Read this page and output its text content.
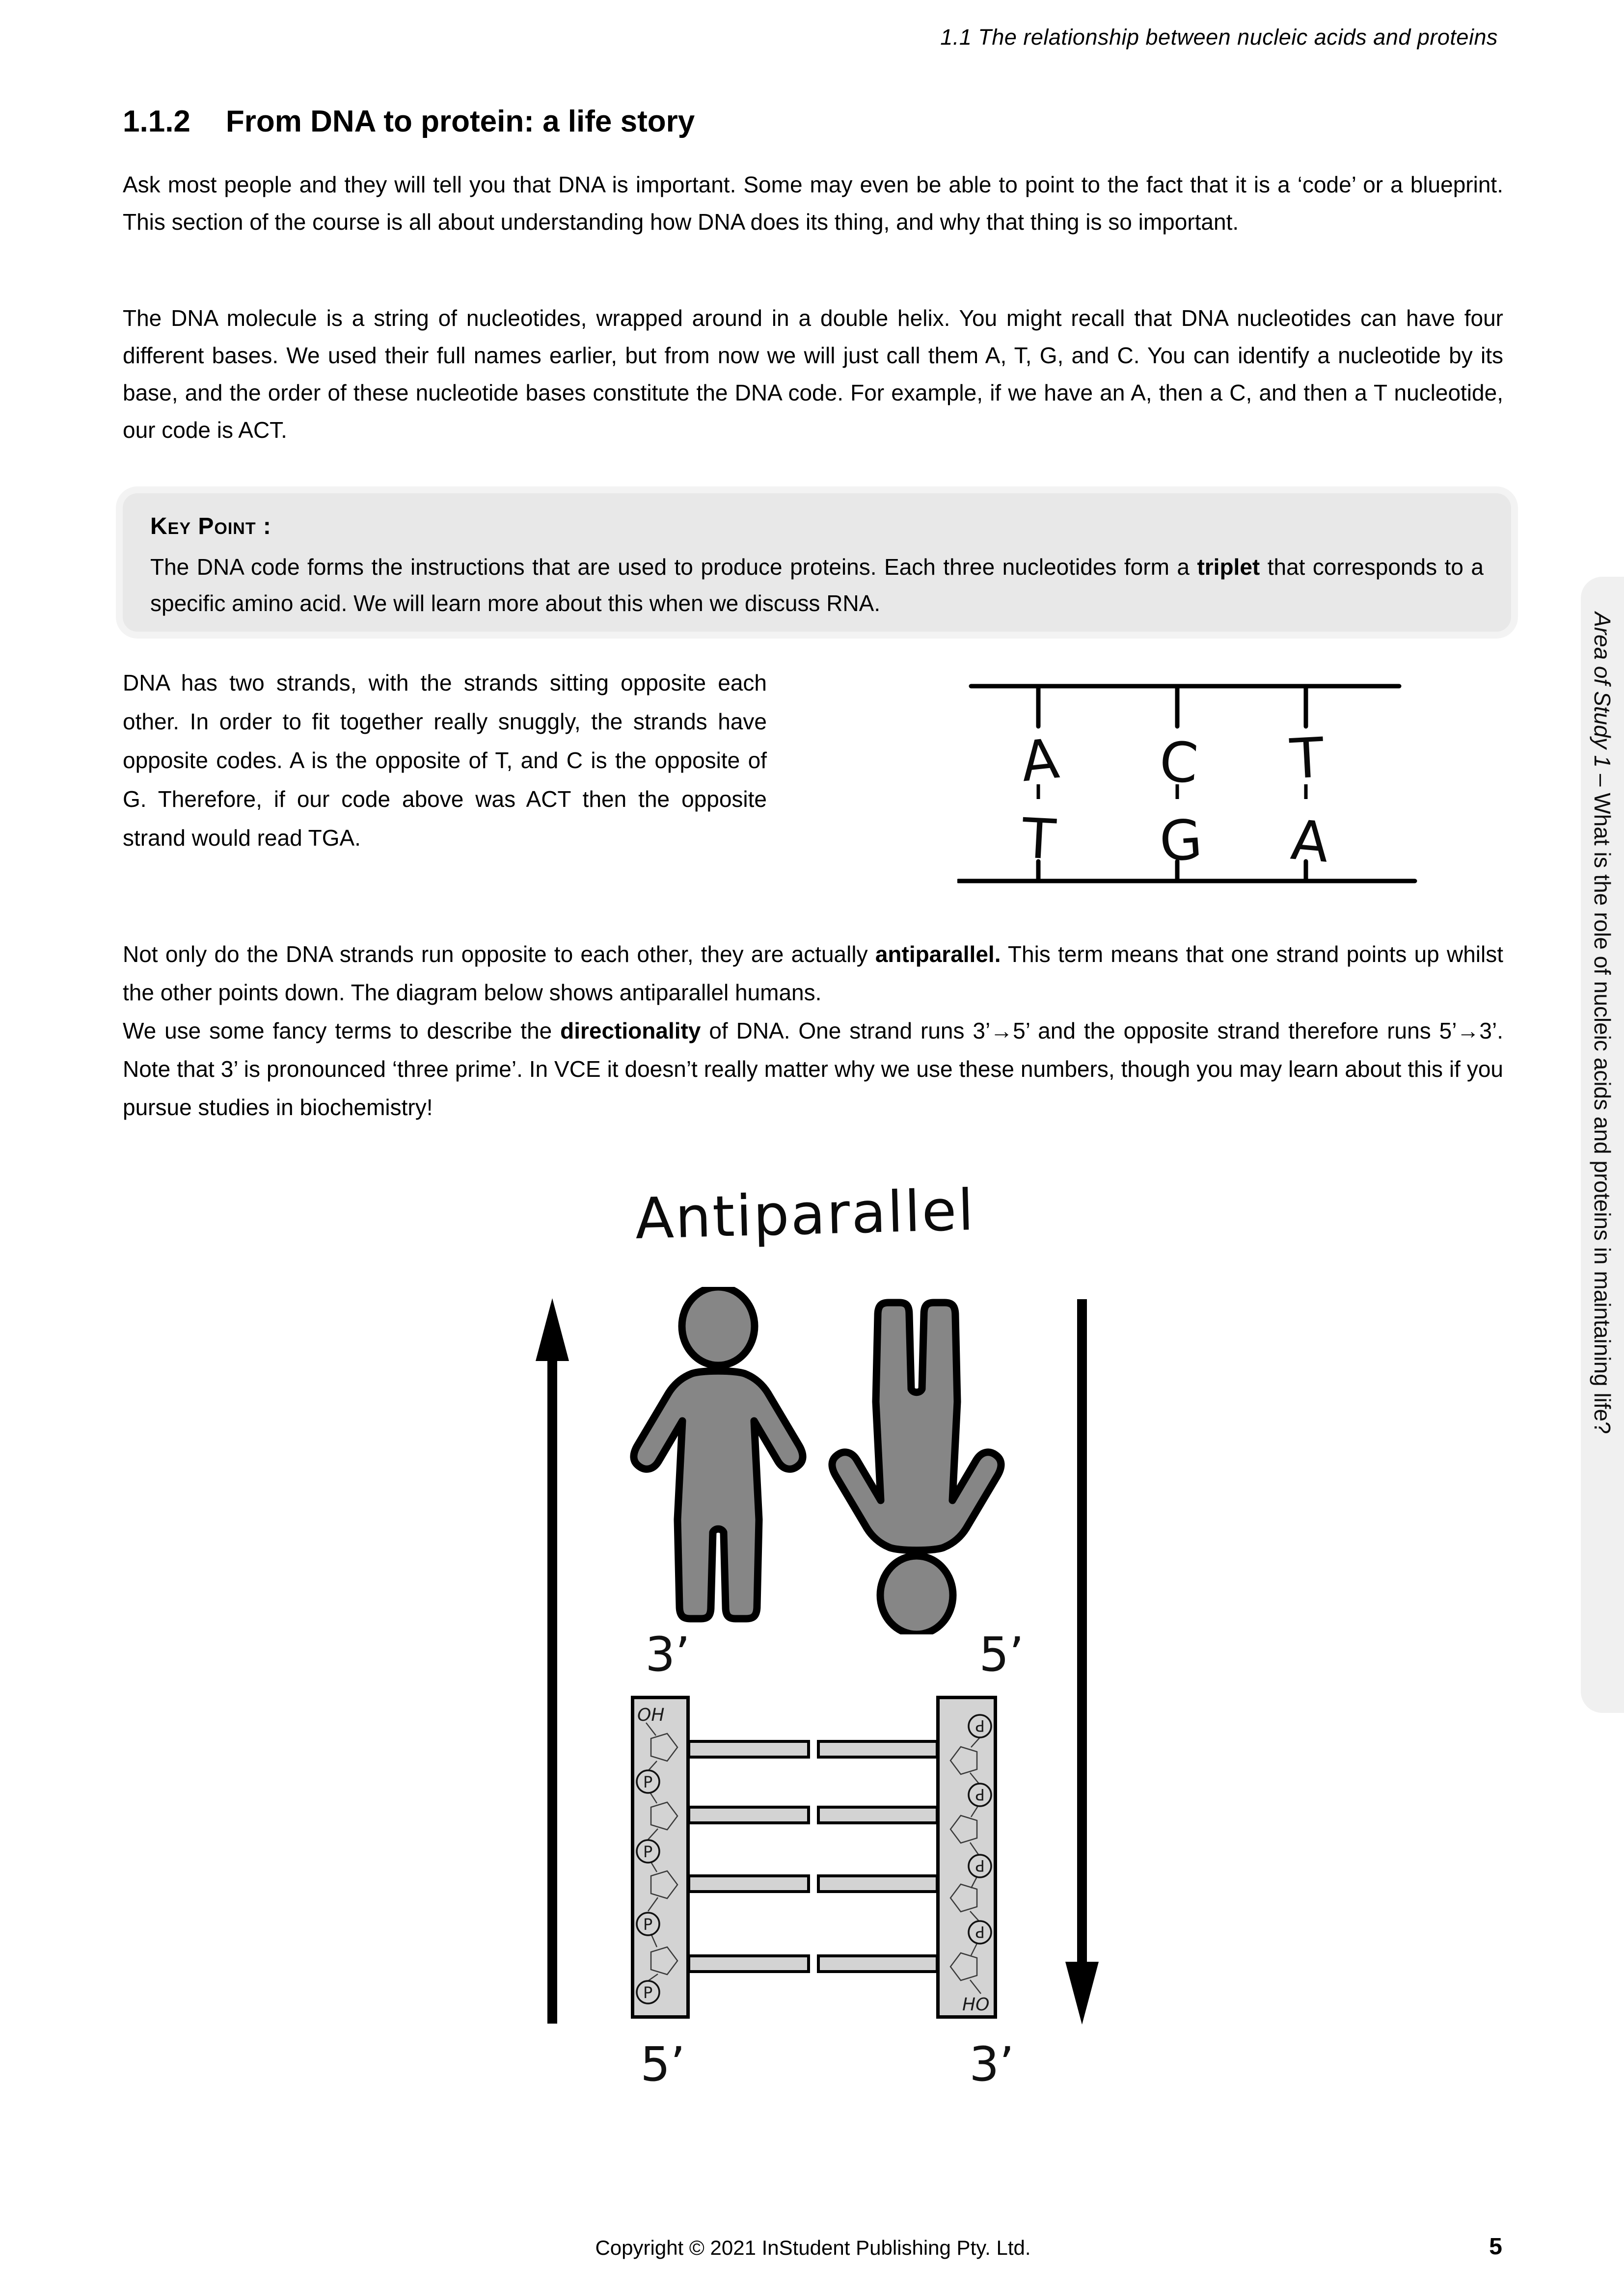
1.1 The relationship between nucleic acids and proteins
1.1.2 From DNA to protein: a life story
Ask most people and they will tell you that DNA is important. Some may even be able to point to the fact that it is a ‘code’ or a blueprint. This section of the course is all about understanding how DNA does its thing, and why that thing is so important.
The DNA molecule is a string of nucleotides, wrapped around in a double helix. You might recall that DNA nucleotides can have four different bases. We used their full names earlier, but from now we will just call them A, T, G, and C. You can identify a nucleotide by its base, and the order of these nucleotide bases constitute the DNA code. For example, if we have an A, then a C, and then a T nucleotide, our code is ACT.
Key Point :
The DNA code forms the instructions that are used to produce proteins. Each three nucleotides form a triplet that corresponds to a specific amino acid. We will learn more about this when we discuss RNA.
DNA has two strands, with the strands sitting opposite each other. In order to fit together really snuggly, the strands have opposite codes. A is the opposite of T, and C is the opposite of G. Therefore, if our code above was ACT then the opposite strand would read TGA.
A C T
T G A
Not only do the DNA strands run opposite to each other, they are actually antiparallel. This term means that one strand points up whilst the other points down. The diagram below shows antiparallel humans.
We use some fancy terms to describe the directionality of DNA. One strand runs 3’→5’ and the opposite strand therefore runs 5’→3’. Note that 3’ is pronounced ‘three prime’. In VCE it doesn’t really matter why we use these numbers, though you may learn about this if you pursue studies in biochemistry!
Antiparallel
3’	5’
OH
P
P
P
P
P
P
P
P
HO
5’	3’
Area of Study 1 – What is the role of nucleic acids and proteins in maintaining life?
Copyright © 2021 InStudent Publishing Pty. Ltd.	5
